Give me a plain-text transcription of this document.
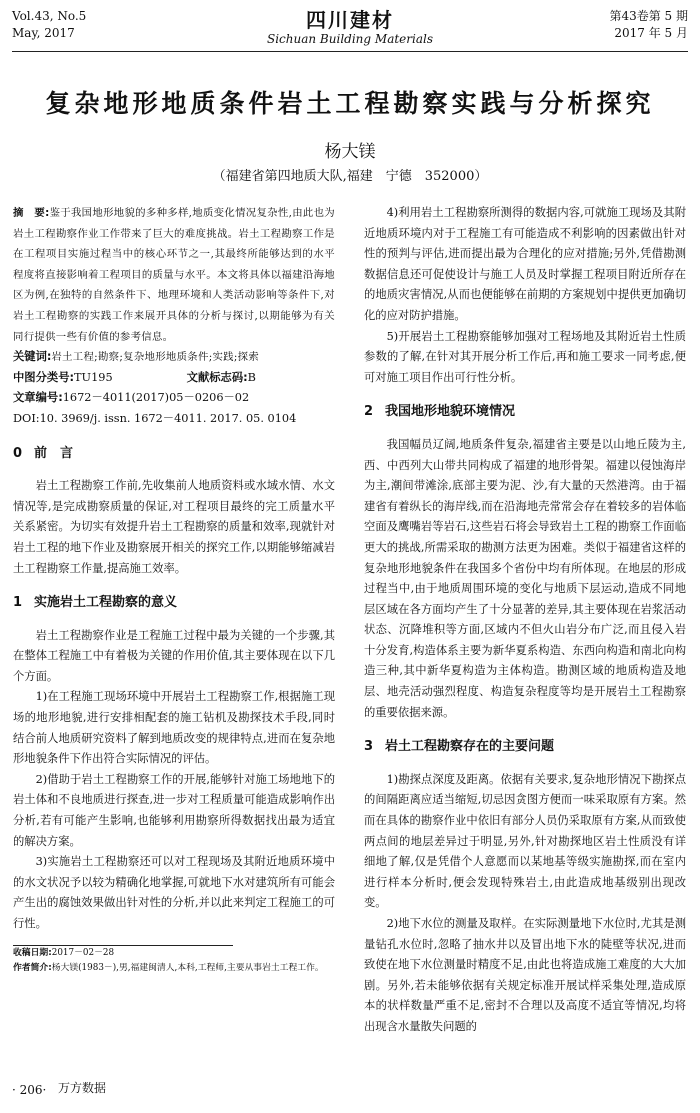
Vol.43, No.5
May, 2017
四川建材
Sichuan Building Materials
第43卷第 5 期
2017 年 5 月
复杂地形地质条件岩土工程勘察实践与分析探究
杨大镁
（福建省第四地质大队,福建　宁德　352000）

摘　要:鉴于我国地形地貌的多种多样,地质变化情况复杂性,由此也为岩土工程勘察作业工作带来了巨大的难度挑战。岩土工程勘察工作是在工程项目实施过程当中的核心环节之一,其最终所能够达到的水平程度将直接影响着工程项目的质量与水平。本文将具体以福建沿海地区为例,在独特的自然条件下、地理环境和人类活动影响等条件下,对岩土工程勘察的实践工作来展开具体的分析与探讨,以期能够为有关同行提供一些有价值的参考信息。

关键词:岩土工程;勘察;复杂地形地质条件;实践;探索

中图分类号:TU195	文献标志码:B

文章编号:1672－4011(2017)05－0206－02

DOI:10. 3969/j. issn. 1672－4011. 2017. 05. 0104

0 前　言

岩土工程勘察工作前,先收集前人地质资料或水域水情、水文情况等,是完成勘察质量的保证,对工程项目最终的完工质量水平关系紧密。为切实有效提升岩土工程勘察的质量和效率,现就针对岩土工程的地下作业及勘察展开相关的探究工作,以期能够缩减岩土工程勘察工作量,提高施工效率。

1 实施岩土工程勘察的意义

岩土工程勘察作业是工程施工过程中最为关键的一个步骤,其在整体工程施工中有着极为关键的作用价值,其主要体现在以下几个方面。

1)在工程施工现场环境中开展岩土工程勘察工作,根据施工现场的地形地貌,进行安排相配套的施工钻机及勘探技术手段,同时结合前人地质研究资料了解到地质改变的规律特点,进而在复杂地形地貌条件下作出符合实际情况的评估。

2)借助于岩土工程勘察工作的开展,能够针对施工场地地下的岩土体和不良地质进行探查,进一步对工程质量可能造成影响作出分析,若有可能产生影响,也能够利用勘察所得数据找出最为适宜的解决方案。

3)实施岩土工程勘察还可以对工程现场及其附近地质环境中的水文状况予以较为精确化地掌握,可就地下水对建筑所有可能会产生出的腐蚀效果做出针对性的分析,并以此来判定工程施工的可行性。

收稿日期:2017－02－28

作者简介:杨大镁(1983－),男,福建闽清人,本科,工程师,主要从事岩土工程工作。

· 206· 万方数据

4)利用岩土工程勘察所测得的数据内容,可就施工现场及其附近地质环境内对于工程施工有可能造成不利影响的因素做出针对性的预判与评估,进而提出最为合理化的应对措施;另外,凭借勘测数据信息还可促使设计与施工人员及时掌握工程项目附近所存在的地质灾害情况,从而也便能够在前期的方案规划中提供更加确切化的应对防护措施。

5)开展岩土工程勘察能够加强对工程场地及其附近岩土性质参数的了解,在针对其开展分析工作后,再和施工要求一同考虑,便可对施工项目作出可行性分析。

2 我国地形地貌环境情况

我国幅员辽阔,地质条件复杂,福建省主要是以山地丘陵为主,西、中西列大山带共同构成了福建的地形骨架。福建以侵蚀海岸为主,潮间带滩涂,底部主要为泥、沙,有大量的天然港湾。由于福建省有着纵长的海岸线,而在沿海地壳常常会存在着较多的岩体临空面及鹰嘴岩等岩石,这些岩石将会导致岩土工程的勘察工作面临更大的挑战,所需采取的勘测方法更为困难。类似于福建省这样的复杂地形地貌条件在我国多个省份中均有所体现。在地层的形成过程当中,由于地质周围环境的变化与地质下层运动,造成不同地层区域在各方面均产生了十分显著的差异,其主要体现在岩浆活动状态、沉降堆积等方面,区域内不但火山岩分布广泛,而且侵入岩十分发育,构造体系主要为新华夏系构造、东西向构造和南北向构造三种,其中新华夏构造为主体构造。勘测区域的地质构造及地层、地壳活动强烈程度、构造复杂程度等均是开展岩土工程勘察的重要依据来源。

3 岩土工程勘察存在的主要问题

1)勘探点深度及距离。依据有关要求,复杂地形情况下勘探点的间隔距离应适当缩短,切忌因贪图方便而一味采取原有方案。然而在具体的勘察作业中依旧有部分人员仍采取原有方案,从而致使两点间的地层差异过于明显,另外,针对勘探地区岩土性质没有详细地了解,仅是凭借个人意愿而以某地基等级实施勘探,而在室内进行样本分析时,便会发现特殊岩土,由此造成地基级别出现改变。

2)地下水位的测量及取样。在实际测量地下水位时,尤其是测量钻孔水位时,忽略了抽水井以及冒出地下水的陡壁等状况,进而致使在地下水位测量时精度不足,由此也将造成施工难度的大大加剧。另外,若未能够依据有关规定标准开展试样采集处理,造成原本的状样数量严重不足,密封不合理以及高度不适宜等情况,均将出现含水量散失问题的
